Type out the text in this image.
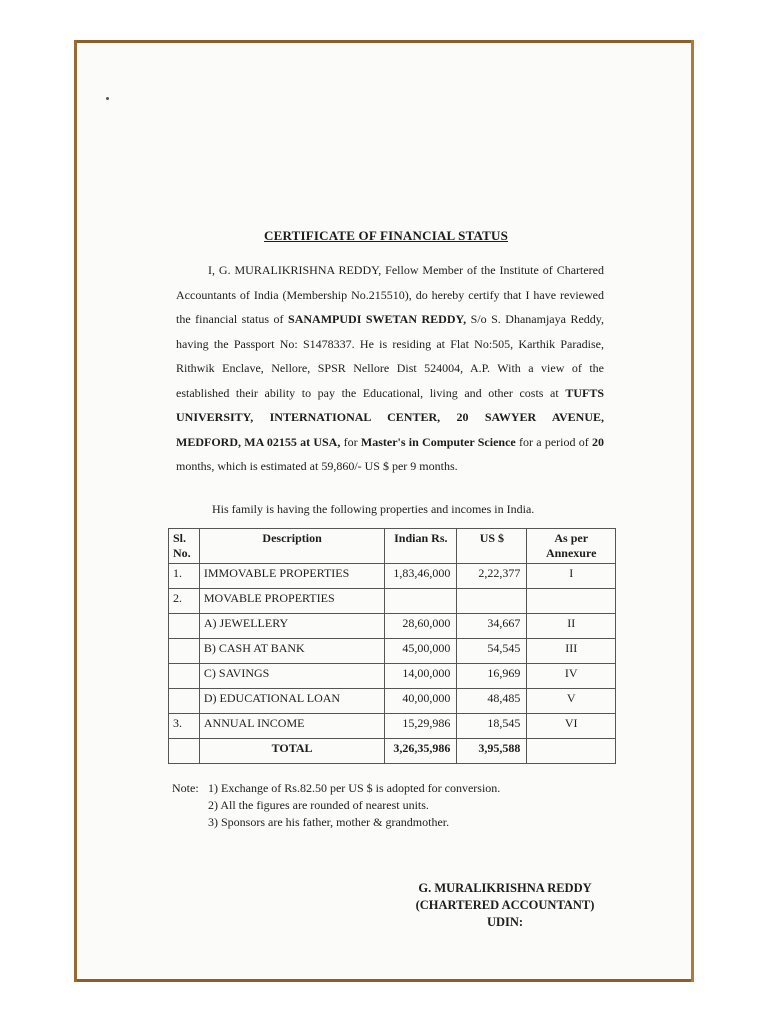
CERTIFICATE OF FINANCIAL STATUS

I, G. MURALIKRISHNA REDDY, Fellow Member of the Institute of Chartered Accountants of India (Membership No.215510), do hereby certify that I have reviewed the financial status of SANAMPUDI SWETAN REDDY, S/o S. Dhanamjaya Reddy, having the Passport No: S1478337. He is residing at Flat No:505, Karthik Paradise, Rithwik Enclave, Nellore, SPSR Nellore Dist 524004, A.P. With a view of the established their ability to pay the Educational, living and other costs at TUFTS UNIVERSITY, INTERNATIONAL CENTER, 20 SAWYER AVENUE, MEDFORD, MA 02155 at USA, for Master's in Computer Science for a period of 20 months, which is estimated at 59,860/- US $ per 9 months.

His family is having the following properties and incomes in India.
Sl. No.	Description	Indian Rs.	US $	As per Annexure
1.	IMMOVABLE PROPERTIES	1,83,46,000	2,22,377	I
2.	MOVABLE PROPERTIES			
	A) JEWELLERY	28,60,000	34,667	II
	B) CASH AT BANK	45,00,000	54,545	III
	C) SAVINGS	14,00,000	16,969	IV
	D) EDUCATIONAL LOAN	40,00,000	48,485	V
3.	ANNUAL INCOME	15,29,986	18,545	VI
	TOTAL	3,26,35,986	3,95,588	
Note: 1) Exchange of Rs.82.50 per US $ is adopted for conversion.
2) All the figures are rounded of nearest units.
3) Sponsors are his father, mother & grandmother.
G. MURALIKRISHNA REDDY
(CHARTERED ACCOUNTANT)
UDIN:
